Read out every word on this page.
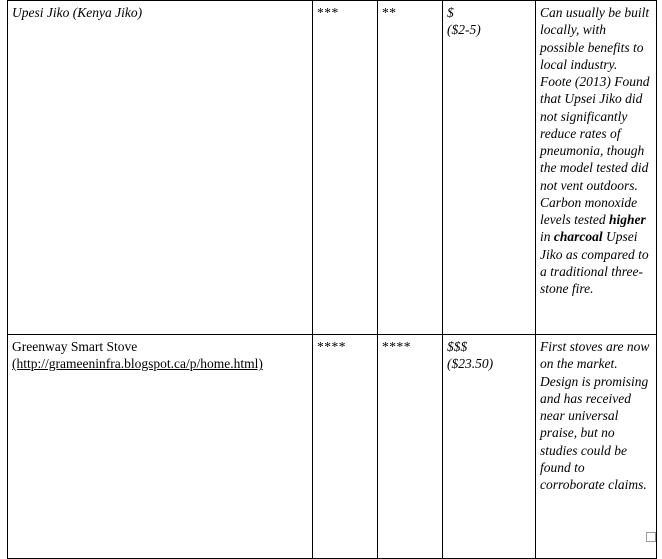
Upesi Jiko (Kenya Jiko)	***	**	$
($2-5)	Can usually be built locally, with possible benefits to local industry. Foote (2013) Found that Upsei Jiko did not significantly reduce rates of pneumonia, though the model tested did not vent outdoors. Carbon monoxide levels tested higher in charcoal Upsei Jiko as compared to a traditional three-stone fire.

Greenway Smart Stove
(http://grameeninfra.blogspot.ca/p/home.html)
	****	****	$$$
($23.50)
	First stoves are now on the market. Design is promising and has received near universal praise, but no studies could be found to corroborate claims.
